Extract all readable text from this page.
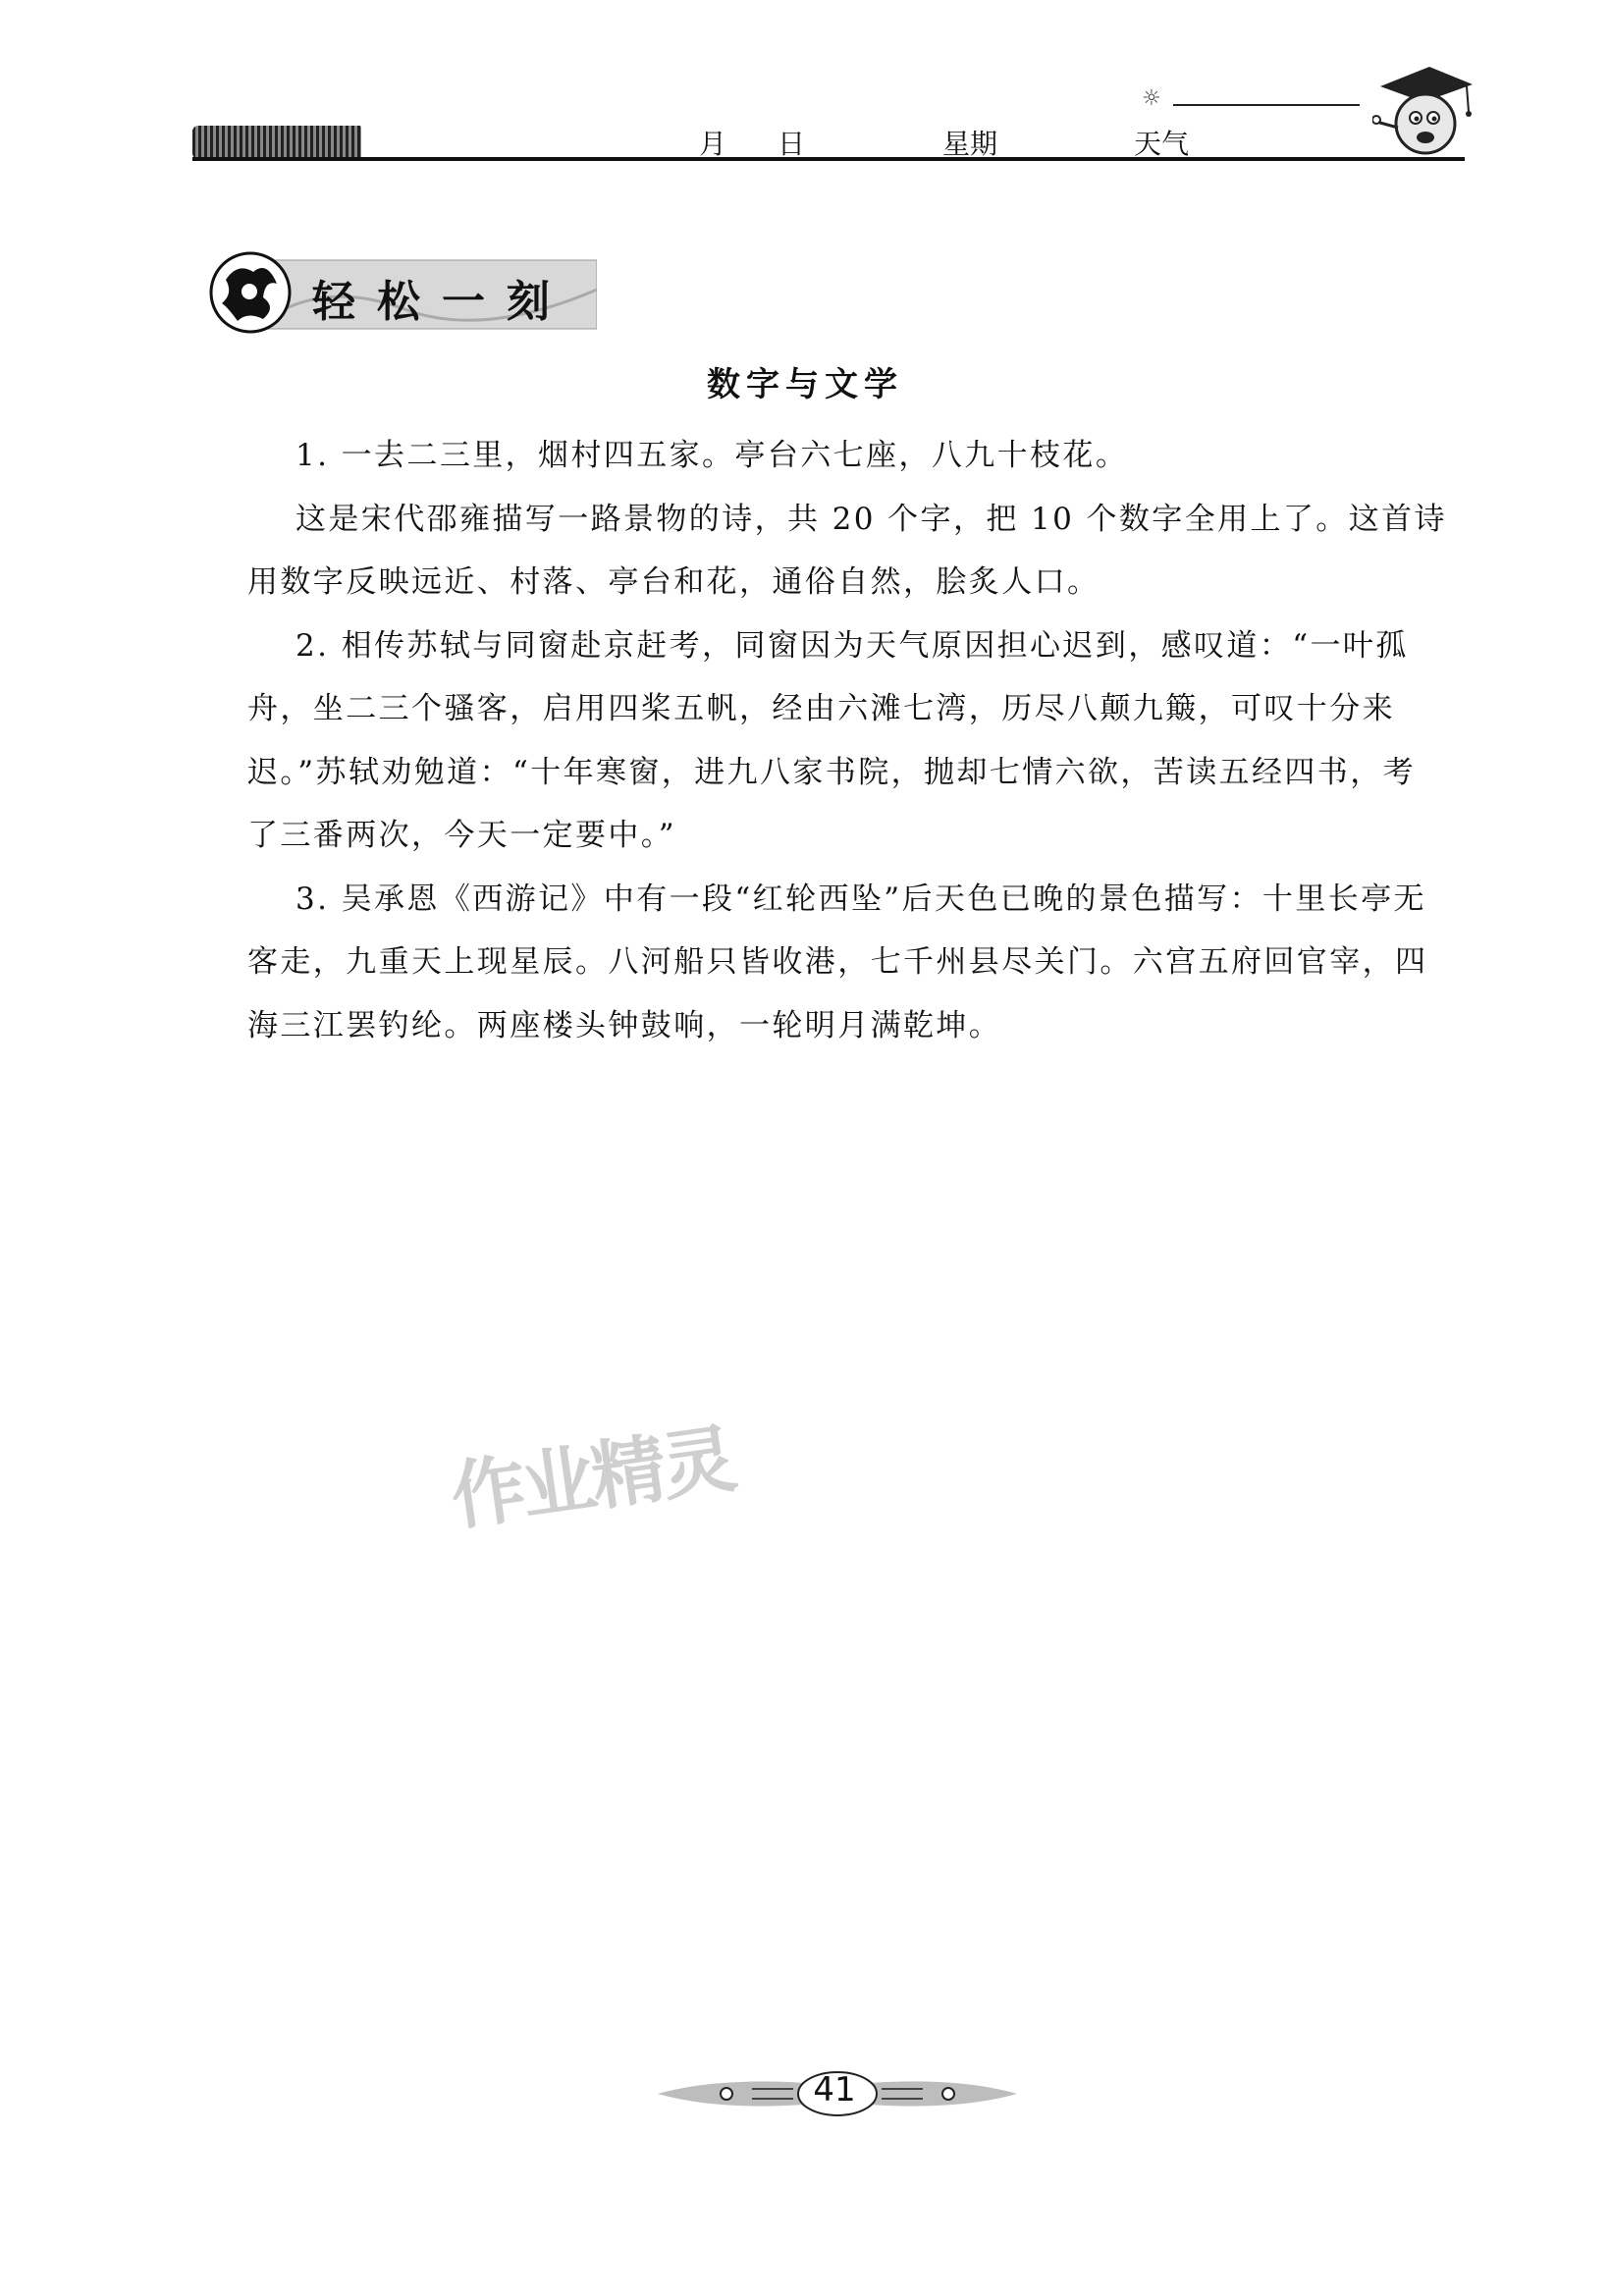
月 日	星期	天气
☼
轻松一刻
数字与文学

1. 一去二三里，烟村四五家。亭台六七座，八九十枝花。

这是宋代邵雍描写一路景物的诗，共 20 个字，把 10 个数字全用上了。这首诗用数字反映远近、村落、亭台和花，通俗自然，脍炙人口。

2. 相传苏轼与同窗赴京赶考，同窗因为天气原因担心迟到，感叹道：“一叶孤舟，坐二三个骚客，启用四桨五帆，经由六滩七湾，历尽八颠九簸，可叹十分来迟。”苏轼劝勉道：“十年寒窗，进九八家书院，抛却七情六欲，苦读五经四书，考了三番两次，今天一定要中。”

3. 吴承恩《西游记》中有一段“红轮西坠”后天色已晚的景色描写：十里长亭无客走，九重天上现星辰。八河船只皆收港，七千州县尽关门。六宫五府回官宰，四海三江罢钓纶。两座楼头钟鼓响，一轮明月满乾坤。

作业精灵
41
